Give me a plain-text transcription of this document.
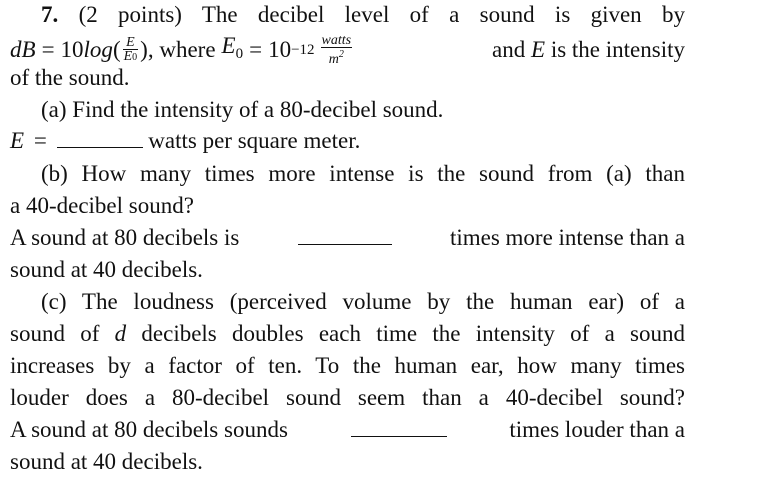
7. (2 points) The decibel level of a sound is given by
dB = 10 log ( $\frac{E}{E0}$ ) , where $E_0 = 10 -12 \frac{\text{watts}}{m^2}$	and E is the intensity
of the sound.
(a) Find the intensity of a 80-decibel sound.
E =	watts per square meter.
(b) How many times more intense is the sound from (a) than
a 40-decibel sound?
A sound at 80 decibels is	times more intense than a
sound at 40 decibels.
(c) The loudness (perceived volume by the human ear) of a
sound of d decibels doubles each time the intensity of a sound
increases by a factor of ten. To the human ear, how many times
louder does a 80-decibel sound seem than a 40-decibel sound?
A sound at 80 decibels sounds	times louder than a
sound at 40 decibels.
